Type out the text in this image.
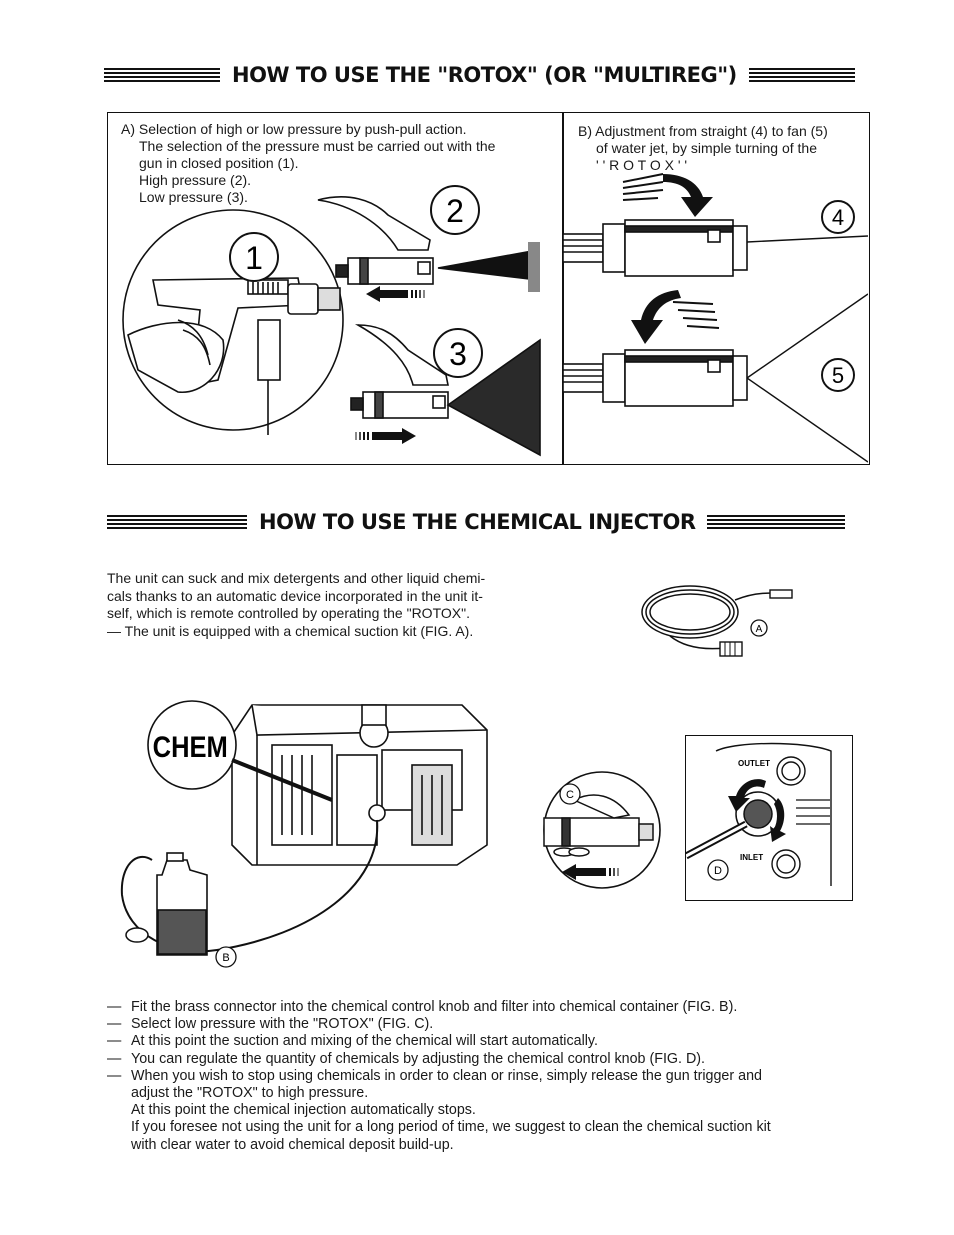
HOW TO USE THE "ROTOX" (OR "MULTIREG")

A) Selection of high or low pressure by push-pull action.

The selection of the pressure must be carried out with the

gun in closed position (1).

High pressure (2).

Low pressure (3).

1
2
3

B) Adjustment from straight (4) to fan (5)

of water jet, by simple turning of the

' ' R O T O X ' '

4
5
HOW TO USE THE CHEMICAL INJECTOR

The unit can suck and mix detergents and other liquid chemi-

cals thanks to an automatic device incorporated in the unit it-

self, which is remote controlled by operating the "ROTOX".

— The unit is equipped with a chemical suction kit (FIG. A).	A
CHEM
B
C
OUTLET
INLET
D
— Fit the brass connector into the chemical control knob and filter into chemical container (FIG. B).
— Select low pressure with the "ROTOX" (FIG. C).
— At this point the suction and mixing of the chemical will start automatically.
— You can regulate the quantity of chemicals by adjusting the chemical control knob (FIG. D).
— When you wish to stop using chemicals in order to clean or rinse, simply release the gun trigger and
adjust the "ROTOX" to high pressure.
At this point the chemical injection automatically stops.
If you foresee not using the unit for a long period of time, we suggest to clean the chemical suction kit
with clear water to avoid chemical deposit build-up.
